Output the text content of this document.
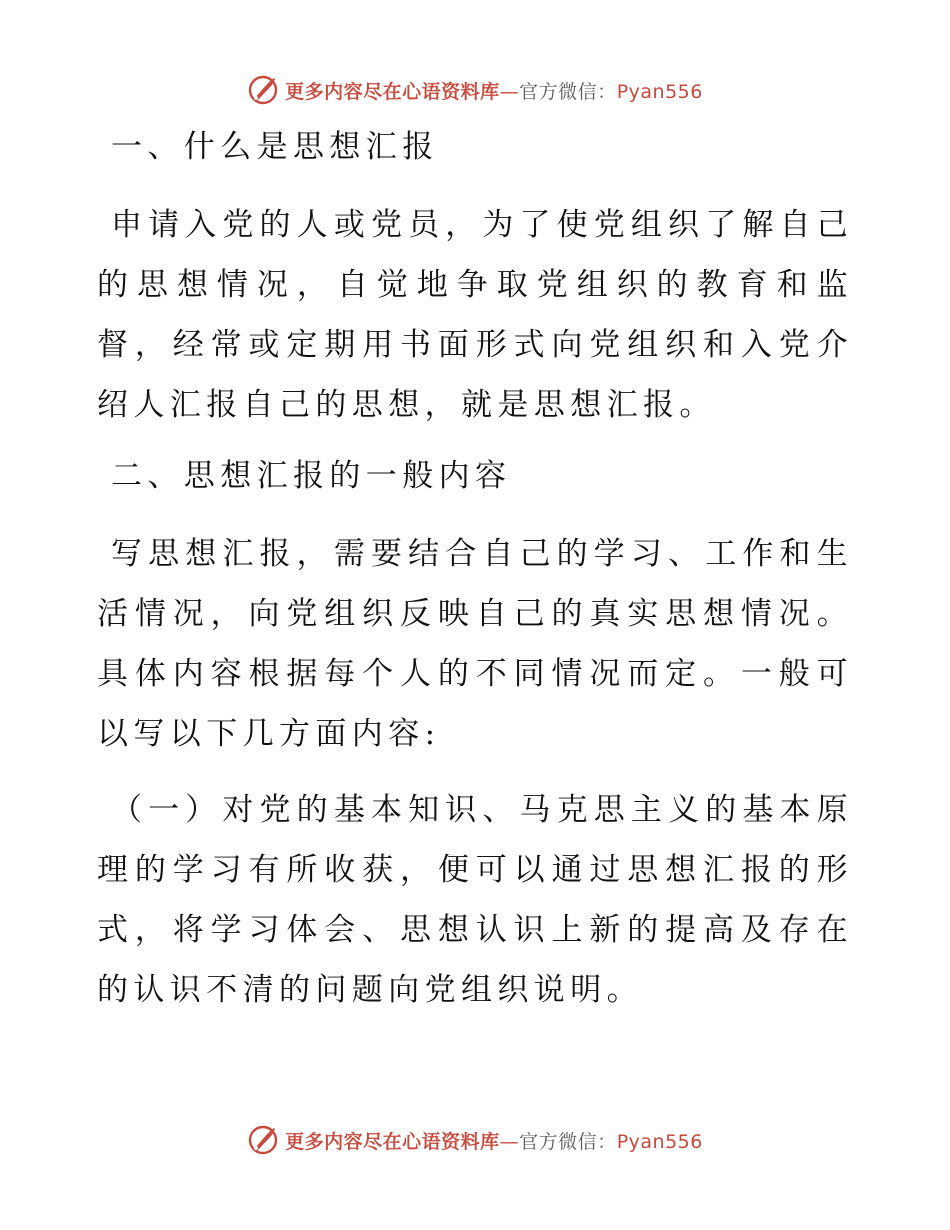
更多内容尽在心语资料库—官方微信：Pyan556

一、什么是思想汇报

申请入党的人或党员，为了使党组织了解自己的思想情况，自觉地争取党组织的教育和监督，经常或定期用书面形式向党组织和入党介绍人汇报自己的思想，就是思想汇报。

二、思想汇报的一般内容

写思想汇报，需要结合自己的学习、工作和生活情况，向党组织反映自己的真实思想情况。具体内容根据每个人的不同情况而定。一般可以写以下几方面内容:

（一）对党的基本知识、马克思主义的基本原理的学习有所收获，便可以通过思想汇报的形式，将学习体会、思想认识上新的提高及存在的认识不清的问题向党组织说明。

更多内容尽在心语资料库—官方微信：Pyan556
